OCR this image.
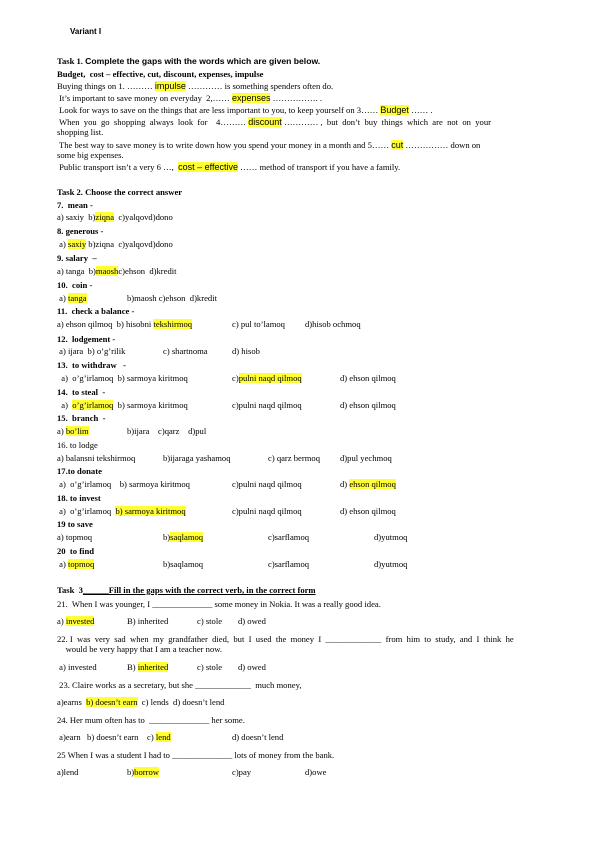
Variant I
Task 1. Complete the gaps with the words which are given below.
Budget,  cost – effective, cut, discount, expenses, impulse
Buying things on 1. ……… impulse ………… is something spenders often do.
It’s important to save money on everyday  2,…… expenses ……………. .
Look for ways to save on the things that are less important to you, to keep yourself on 3…… Budget …… .
When  you  go  shopping  always  look  for    4……… discount ………… ,  but  don’t  buy  things  which  are  not  on  your
shopping list.
The best way to save money is to write down how you spend your money in a month and 5…… cut …………… down on
some big expenses.
Public transport isn’t a very 6 …,  cost – effective …… method of transport if you have a family.
Task 2. Choose the correct answer
7.  mean -
a) saxiy  b)ziqna  c)yalqovd)dono
8. generous -
a) saxiy b)ziqna  c)yalqovd)dono
9. salary  –
a) tanga  b)maoshc)ehson  d)kredit
10.  coin -
a) tanga	b)maosh c)ehson  d)kredit
11.  check a balance -
a) ehson qilmoq  b) hisobni tekshirmoq	c) pul to’lamoq d)hisob ochmoq
12.  lodgement -
a) ijara  b) o’g’rilik	c) shartnoma	d) hisob
13.  to withdraw   -
a)  o’g’irlamoq  b) sarmoya kiritmoq	c)pulni naqd qilmoq	d) ehson qilmoq
14.  to steal  -
a)  o’g’irlamoq  b) sarmoya kiritmoq	c)pulni naqd qilmoq	d) ehson qilmoq
15.  branch  -
a) bo’lim	b)ijara    c)qarz    d)pul
16. to lodge
a) balansni tekshirmoq	b)ijaraga yashamoq	c) qarz bermoq d)pul yechmoq
17.to donate
a)  o’g’irlamoq    b) sarmoya kiritmoq	c)pulni naqd qilmoq	d) ehson qilmoq
18. to invest
a)  o’g’irlamoq  b) sarmoya kiritmoq	c)pulni naqd qilmoq	d) ehson qilmoq
19 to save
a) topmoq	b)saqlamoq	c)sarflamoq	d)yutmoq
20  to find
a) topmoq	b)saqlamoq	c)sarflamoq	d)yutmoq
Task  3______Fill in the gaps with the correct verb, in the correct form
21.  When I was younger, I ______________ some money in Nokia. It was a really good idea.
a) invested	B) inherited	c) stole d) owed
22. I  was  very  sad  when  my  grandfather  died,  but  I  used  the  money  I  _____________  from  him  to  study,  and  I  think  he
would be very happy that I am a teacher now.
a) invested	B) inherited	c) stole d) owed
23. Claire works as a secretary, but she _____________  much money,
a)earns  b) doesn’t earn  c) lends  d) doesn’t lend
24. Her mum often has to  ______________ her some.
a)earn   b) doesn’t earn    c) lend	d) doesn’t lend
25 When I was a student I had to ______________ lots of money from the bank.
a)lend	b)borrow	c)pay	d)owe
